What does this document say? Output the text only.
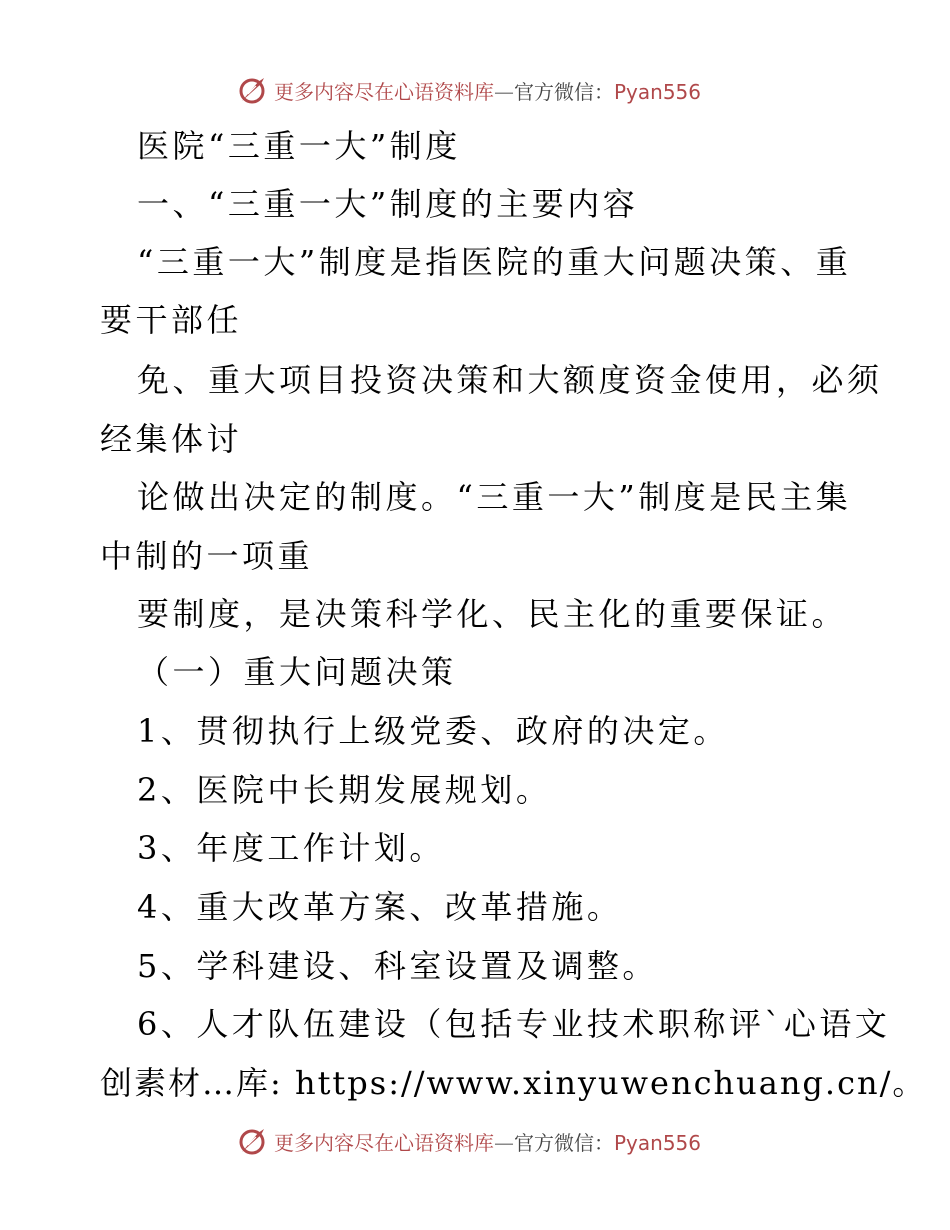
更多内容尽在心语资料库—官方微信：Pyan556
医院“三重一大”制度
一、“三重一大”制度的主要内容
“三重一大”制度是指医院的重大问题决策、重
要干部任
免、重大项目投资决策和大额度资金使用，必须
经集体讨
论做出决定的制度。“三重一大”制度是民主集
中制的一项重
要制度，是决策科学化、民主化的重要保证。
（一）重大问题决策
1、贯彻执行上级党委、政府的决定。
2、医院中长期发展规划。
3、年度工作计划。
4、重大改革方案、改革措施。
5、学科建设、科室设置及调整。
6、人才队伍建设（包括专业技术职称评`心语文
创素材…库: https://www.xinyuwenchuang.cn/。
更多内容尽在心语资料库—官方微信：Pyan556
